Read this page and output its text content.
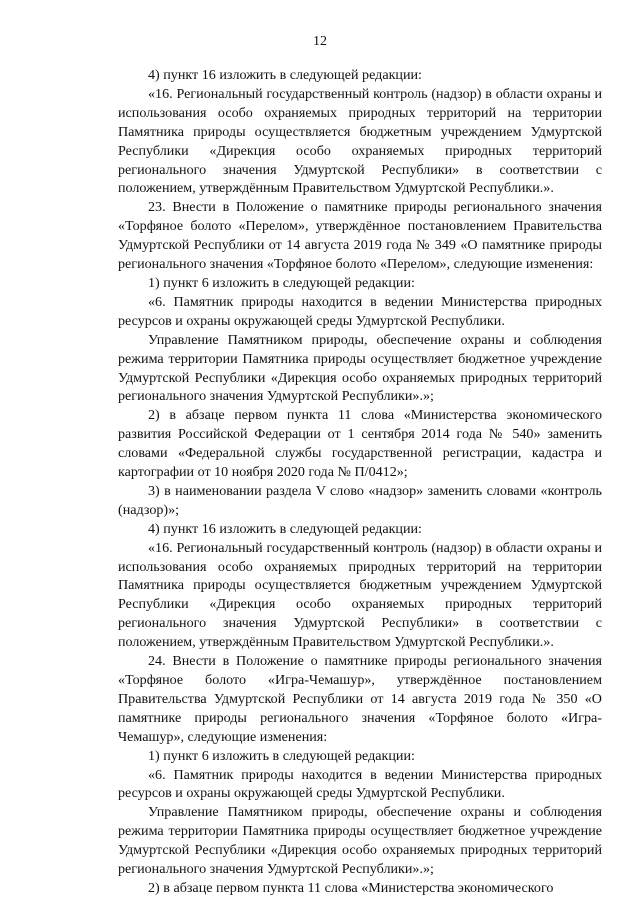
12

4) пункт 16 изложить в следующей редакции:

«16. Региональный государственный контроль (надзор) в области охраны и использования особо охраняемых природных территорий на территории Памятника природы осуществляется бюджетным учреждением Удмуртской Республики «Дирекция особо охраняемых природных территорий регионального значения Удмуртской Республики» в соответствии с положением, утверждённым Правительством Удмуртской Республики.».

23. Внести в Положение о памятнике природы регионального значения «Торфяное болото «Перелом», утверждённое постановлением Правительства Удмуртской Республики от 14 августа 2019 года № 349 «О памятнике природы регионального значения «Торфяное болото «Перелом», следующие изменения:

1) пункт 6 изложить в следующей редакции:

«6. Памятник природы находится в ведении Министерства природных ресурсов и охраны окружающей среды Удмуртской Республики.

Управление Памятником природы, обеспечение охраны и соблюдения режима территории Памятника природы осуществляет бюджетное учреждение Удмуртской Республики «Дирекция особо охраняемых природных территорий регионального значения Удмуртской Республики».»;

2) в абзаце первом пункта 11 слова «Министерства экономического развития Российской Федерации от 1 сентября 2014 года № 540» заменить словами «Федеральной службы государственной регистрации, кадастра и картографии от 10 ноября 2020 года № П/0412»;

3) в наименовании раздела V слово «надзор» заменить словами «контроль (надзор)»;

4) пункт 16 изложить в следующей редакции:

«16. Региональный государственный контроль (надзор) в области охраны и использования особо охраняемых природных территорий на территории Памятника природы осуществляется бюджетным учреждением Удмуртской Республики «Дирекция особо охраняемых природных территорий регионального значения Удмуртской Республики» в соответствии с положением, утверждённым Правительством Удмуртской Республики.».

24. Внести в Положение о памятнике природы регионального значения «Торфяное болото «Игра-Чемашур», утверждённое постановлением Правительства Удмуртской Республики от 14 августа 2019 года № 350 «О памятнике природы регионального значения «Торфяное болото «Игра-Чемашур», следующие изменения:

1) пункт 6 изложить в следующей редакции:

«6. Памятник природы находится в ведении Министерства природных ресурсов и охраны окружающей среды Удмуртской Республики.

Управление Памятником природы, обеспечение охраны и соблюдения режима территории Памятника природы осуществляет бюджетное учреждение Удмуртской Республики «Дирекция особо охраняемых природных территорий регионального значения Удмуртской Республики».»;

2) в абзаце первом пункта 11 слова «Министерства экономического
